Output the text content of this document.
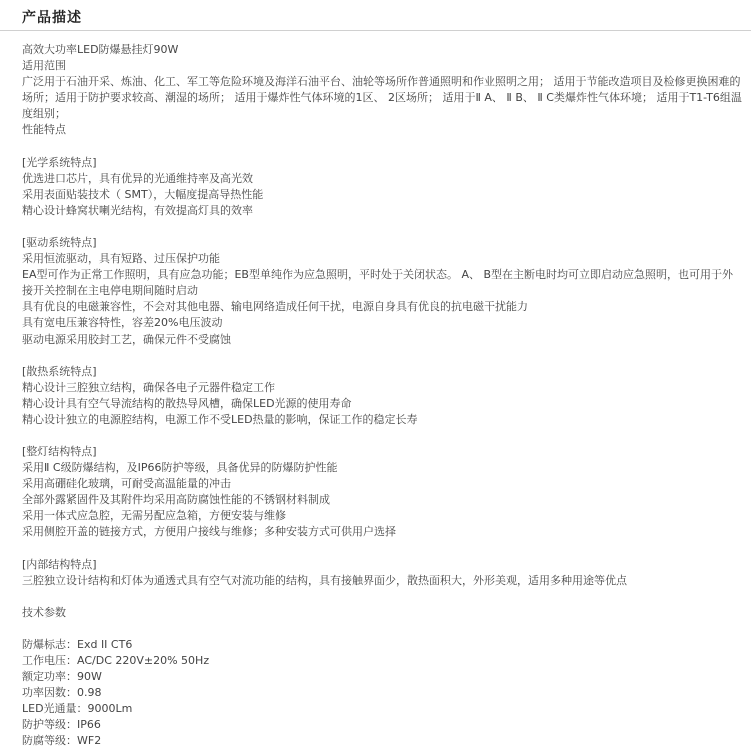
产品描述

高效大功率LED防爆悬挂灯90W

适用范围

广泛用于石油开采、炼油、化工、军工等危险环境及海洋石油平台、油轮等场所作普通照明和作业照明之用； 适用于节能改造项目及检修更换困难的场所；适用于防护要求较高、潮湿的场所； 适用于爆炸性气体环境的1区、 2区场所； 适用于Ⅱ A、 Ⅱ B、 Ⅱ C类爆炸性气体环境； 适用于T1-T6组温度组别；

性能特点

[光学系统特点]

优选进口芯片，具有优异的光通维持率及高光效

采用表面贴装技术（ SMT），大幅度提高导热性能

精心设计蜂窝状喇光结构，有效提高灯具的效率

[驱动系统特点]

采用恒流驱动，具有短路、过压保护功能

EA型可作为正常工作照明，具有应急功能；EB型单纯作为应急照明，平时处于关闭状态。 A、 B型在主断电时均可立即启动应急照明，也可用于外接开关控制在主电停电期间随时启动

具有优良的电磁兼容性，不会对其他电器、输电网络造成任何干扰，电源自身具有优良的抗电磁干扰能力

具有宽电压兼容特性，容差20%电压波动

驱动电源采用胶封工艺，确保元件不受腐蚀

[散热系统特点]

精心设计三腔独立结构，确保各电子元器件稳定工作

精心设计具有空气导流结构的散热导风槽，确保LED光源的使用寿命

精心设计独立的电源腔结构，电源工作不受LED热量的影响，保证工作的稳定长寿

[整灯结构特点]

采用Ⅱ C级防爆结构，及IP66防护等级，具备优异的防爆防护性能

采用高硼硅化玻璃，可耐受高温能量的冲击

全部外露紧固件及其附件均采用高防腐蚀性能的不锈钢材料制成

采用一体式应急腔，无需另配应急箱，方便安装与维修

采用侧腔开盖的链接方式，方便用户接线与维修；多种安装方式可供用户选择

[内部结构特点]

三腔独立设计结构和灯体为通透式具有空气对流功能的结构，具有接触界面少，散热面积大，外形美观，适用多种用途等优点

技术参数

防爆标志：Exd II CT6

工作电压：AC/DC 220V±20% 50Hz

额定功率：90W

功率因数：0.98

LED光通量：9000Lm

防护等级：IP66

防腐等级：WF2
